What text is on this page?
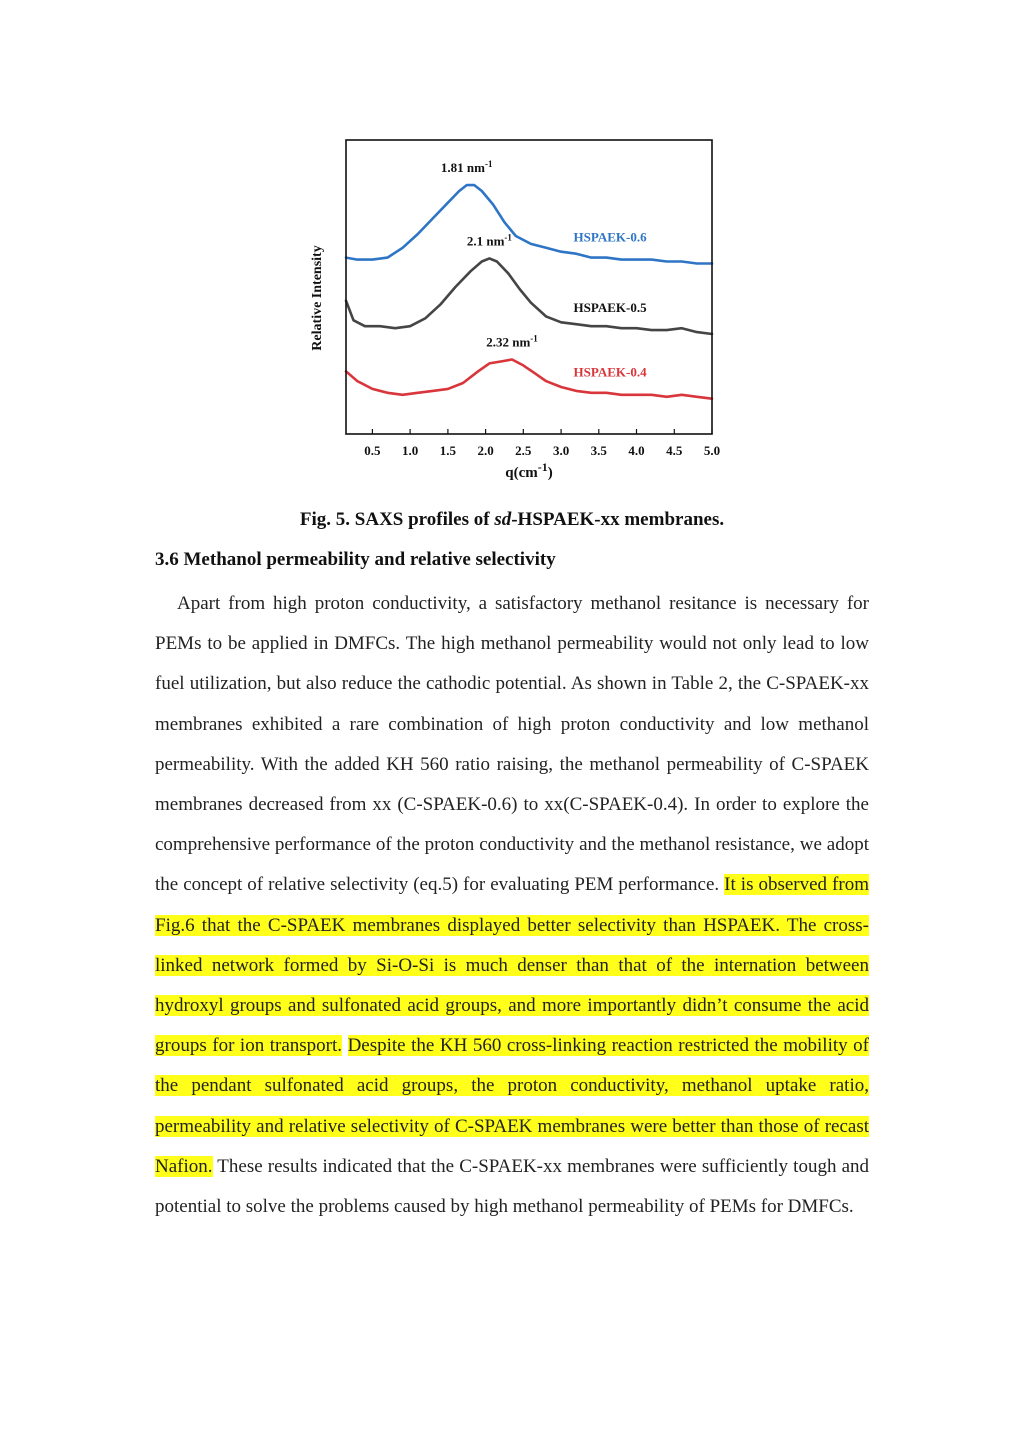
0.5 1.0 1.5 2.0 2.5 3.0 3.5 4.0 4.5 5.0
1.81 $nm^{-1}$
2.1 $nm^{-1}$
2.32 $nm^{-1}$
HSPAEK-0.6
HSPAEK-0.5
HSPAEK-0.4
Relative Intensity
$q(cm^{-1})$
Fig. 5. SAXS profiles of sd-HSPAEK-xx membranes.
3.6 Methanol permeability and relative selectivity

Apart from high proton conductivity, a satisfactory methanol resitance is necessary for PEMs to be applied in DMFCs. The high methanol permeability would not only lead to low fuel utilization, but also reduce the cathodic potential. As shown in Table 2, the C-SPAEK-xx membranes exhibited a rare combination of high proton conductivity and low methanol permeability. With the added KH 560 ratio raising, the methanol permeability of C-SPAEK membranes decreased from xx (C-SPAEK-0.6) to xx(C-SPAEK-0.4). In order to explore the comprehensive performance of the proton conductivity and the methanol resistance, we adopt the concept of relative selectivity (eq.5) for evaluating PEM performance. It is observed from Fig.6 that the C-SPAEK membranes displayed better selectivity than HSPAEK. The cross-linked network formed by Si-O-Si is much denser than that of the internation between hydroxyl groups and sulfonated acid groups, and more importantly didn’t consume the acid groups for ion transport. Despite the KH 560 cross-linking reaction restricted the mobility of the pendant sulfonated acid groups, the proton conductivity, methanol uptake ratio, permeability and relative selectivity of C-SPAEK membranes were better than those of recast Nafion. These results indicated that the C-SPAEK-xx membranes were sufficiently tough and potential to solve the problems caused by high methanol permeability of PEMs for DMFCs.
